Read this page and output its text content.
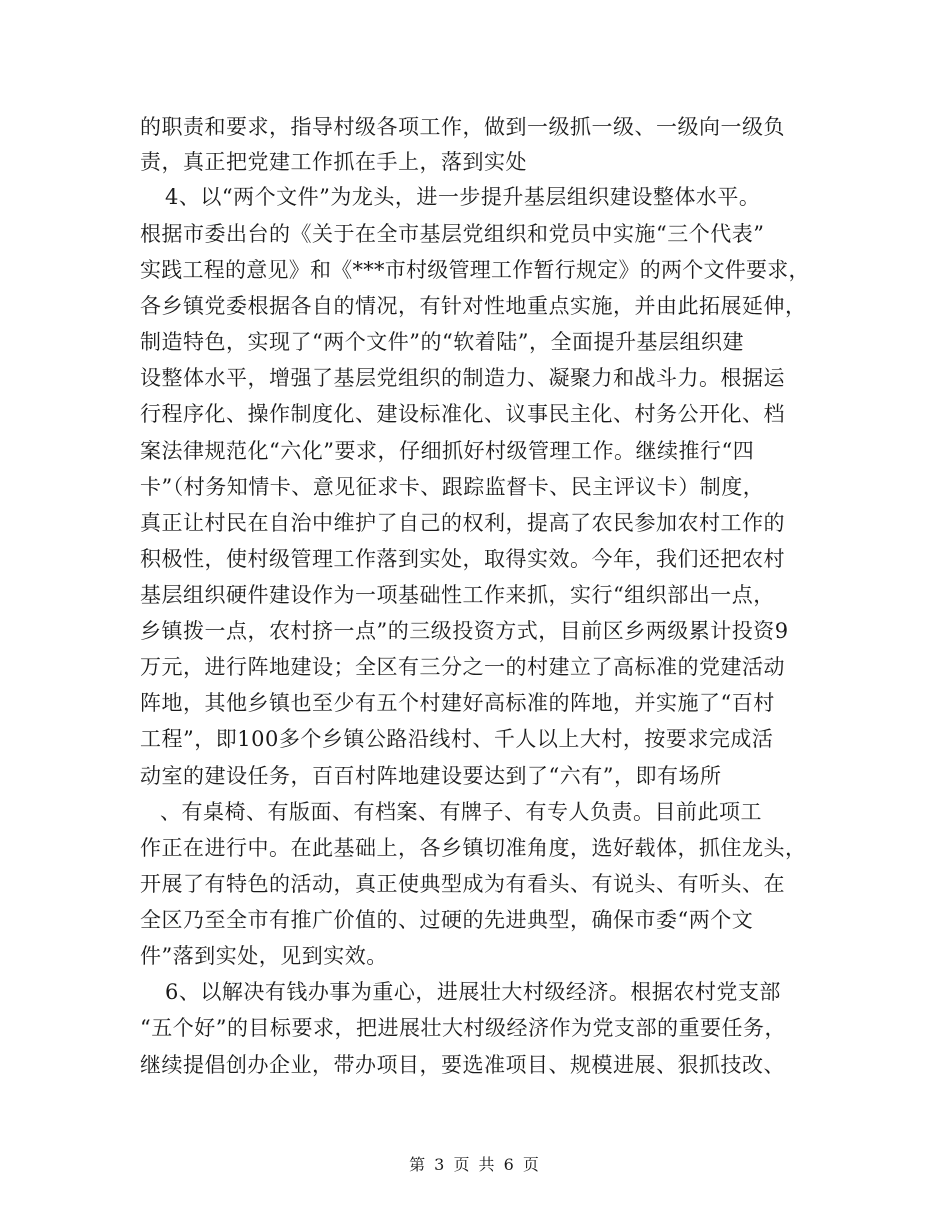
的职责和要求，指导村级各项工作，做到一级抓一级、一级向一级负
责，真正把党建工作抓在手上，落到实处
4、以“两个文件”为龙头，进一步提升基层组织建设整体水平。
根据市委出台的《关于在全市基层党组织和党员中实施“三个代表”
实践工程的意见》和《***市村级管理工作暂行规定》的两个文件要求，
各乡镇党委根据各自的情况，有针对性地重点实施，并由此拓展延伸，
制造特色，实现了“两个文件”的“软着陆”，全面提升基层组织建
设整体水平，增强了基层党组织的制造力、凝聚力和战斗力。根据运
行程序化、操作制度化、建设标准化、议事民主化、村务公开化、档
案法律规范化“六化”要求，仔细抓好村级管理工作。继续推行“四
卡”（村务知情卡、意见征求卡、跟踪监督卡、民主评议卡）制度，
真正让村民在自治中维护了自己的权利，提高了农民参加农村工作的
积极性，使村级管理工作落到实处，取得实效。今年，我们还把农村
基层组织硬件建设作为一项基础性工作来抓，实行“组织部出一点，
乡镇拨一点，农村挤一点”的三级投资方式，目前区乡两级累计投资9
万元，进行阵地建设；全区有三分之一的村建立了高标准的党建活动
阵地，其他乡镇也至少有五个村建好高标准的阵地，并实施了“百村
工程”，即100多个乡镇公路沿线村、千人以上大村，按要求完成活
动室的建设任务，百百村阵地建设要达到了“六有”，即有场所
、有桌椅、有版面、有档案、有牌子、有专人负责。目前此项工
作正在进行中。在此基础上，各乡镇切准角度，选好载体，抓住龙头，
开展了有特色的活动，真正使典型成为有看头、有说头、有听头、在
全区乃至全市有推广价值的、过硬的先进典型，确保市委“两个文
件”落到实处，见到实效。
6、以解决有钱办事为重心，进展壮大村级经济。根据农村党支部
“五个好”的目标要求，把进展壮大村级经济作为党支部的重要任务，
继续提倡创办企业，带办项目，要选准项目、规模进展、狠抓技改、
第 3 页 共 6 页
